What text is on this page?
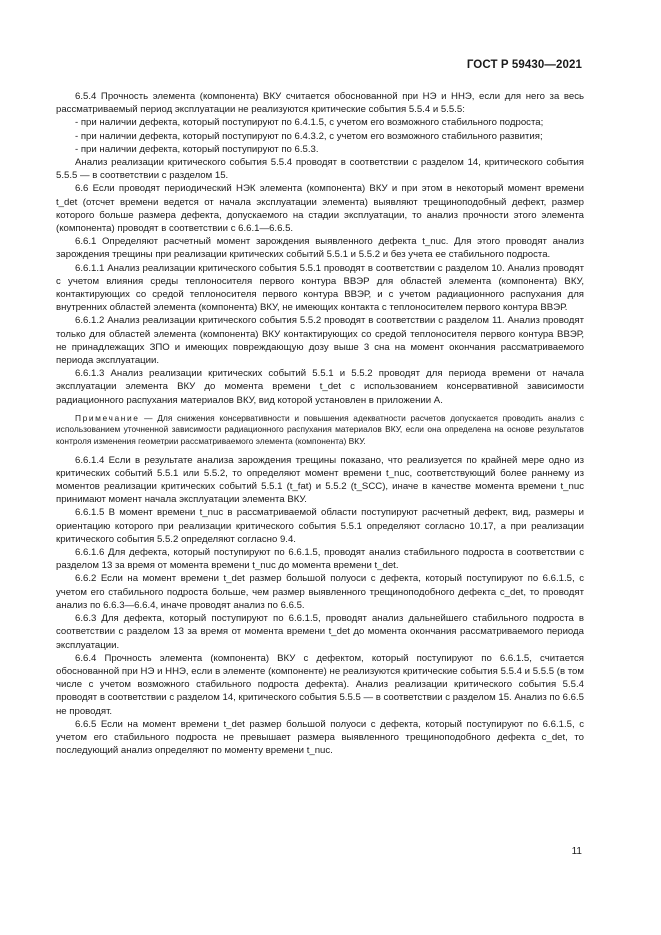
ГОСТ Р 59430—2021

6.5.4 Прочность элемента (компонента) ВКУ считается обоснованной при НЭ и ННЭ, если для него за весь рассматриваемый период эксплуатации не реализуются критические события 5.5.4 и 5.5.5:

- при наличии дефекта, который поступируют по 6.4.1.5, с учетом его возможного стабильного подроста;

- при наличии дефекта, который поступируют по 6.4.3.2, с учетом его возможного стабильного развития;

- при наличии дефекта, который поступируют по 6.5.3.

Анализ реализации критического события 5.5.4 проводят в соответствии с разделом 14, критического события 5.5.5 — в соответствии с разделом 15.

6.6 Если проводят периодический НЭК элемента (компонента) ВКУ и при этом в некоторый момент времени t_det (отсчет времени ведется от начала эксплуатации элемента) выявляют трещиноподобный дефект, размер которого больше размера дефекта, допускаемого на стадии эксплуатации, то анализ прочности этого элемента (компонента) проводят в соответствии с 6.6.1—6.6.5.

6.6.1 Определяют расчетный момент зарождения выявленного дефекта t_nuc. Для этого проводят анализ зарождения трещины при реализации критических событий 5.5.1 и 5.5.2 и без учета ее стабильного подроста.

6.6.1.1 Анализ реализации критического события 5.5.1 проводят в соответствии с разделом 10. Анализ проводят с учетом влияния среды теплоносителя первого контура ВВЭР для областей элемента (компонента) ВКУ, контактирующих со средой теплоносителя первого контура ВВЭР, и с учетом радиационного распухания для внутренних областей элемента (компонента) ВКУ, не имеющих контакта с теплоносителем первого контура ВВЭР.

6.6.1.2 Анализ реализации критического события 5.5.2 проводят в соответствии с разделом 11. Анализ проводят только для областей элемента (компонента) ВКУ контактирующих со средой теплоносителя первого контура ВВЭР, не принадлежащих ЗПО и имеющих повреждающую дозу выше 3 сна на момент окончания рассматриваемого периода эксплуатации.

6.6.1.3 Анализ реализации критических событий 5.5.1 и 5.5.2 проводят для периода времени от начала эксплуатации элемента ВКУ до момента времени t_det с использованием консервативной зависимости радиационного распухания материалов ВКУ, вид которой установлен в приложении А.

Примечание — Для снижения консервативности и повышения адекватности расчетов допускается проводить анализ с использованием уточненной зависимости радиационного распухания материалов ВКУ, если она определена на основе результатов контроля изменения геометрии рассматриваемого элемента (компонента) ВКУ.

6.6.1.4 Если в результате анализа зарождения трещины показано, что реализуется по крайней мере одно из критических событий 5.5.1 или 5.5.2, то определяют момент времени t_nuc, соответствующий более раннему из моментов реализации критических событий 5.5.1 (t_fat) и 5.5.2 (t_SCC), иначе в качестве момента времени t_nuc принимают момент начала эксплуатации элемента ВКУ.

6.6.1.5 В момент времени t_nuc в рассматриваемой области поступируют расчетный дефект, вид, размеры и ориентацию которого при реализации критического события 5.5.1 определяют согласно 10.17, а при реализации критического события 5.5.2 определяют согласно 9.4.

6.6.1.6 Для дефекта, который поступируют по 6.6.1.5, проводят анализ стабильного подроста в соответствии с разделом 13 за время от момента времени t_nuc до момента времени t_det.

6.6.2 Если на момент времени t_det размер большой полуоси c дефекта, который поступируют по 6.6.1.5, с учетом его стабильного подроста больше, чем размер выявленного трещиноподобного дефекта c_det, то проводят анализ по 6.6.3—6.6.4, иначе проводят анализ по 6.6.5.

6.6.3 Для дефекта, который поступируют по 6.6.1.5, проводят анализ дальнейшего стабильного подроста в соответствии с разделом 13 за время от момента времени t_det до момента окончания рассматриваемого периода эксплуатации.

6.6.4 Прочность элемента (компонента) ВКУ с дефектом, который поступируют по 6.6.1.5, считается обоснованной при НЭ и ННЭ, если в элементе (компоненте) не реализуются критические события 5.5.4 и 5.5.5 (в том числе с учетом возможного стабильного подроста дефекта). Анализ реализации критического события 5.5.4 проводят в соответствии с разделом 14, критического события 5.5.5 — в соответствии с разделом 15. Анализ по 6.6.5 не проводят.

6.6.5 Если на момент времени t_det размер большой полуоси c дефекта, который поступируют по 6.6.1.5, с учетом его стабильного подроста не превышает размера выявленного трещиноподобного дефекта c_det, то последующий анализ определяют по моменту времени t_nuc.

11
